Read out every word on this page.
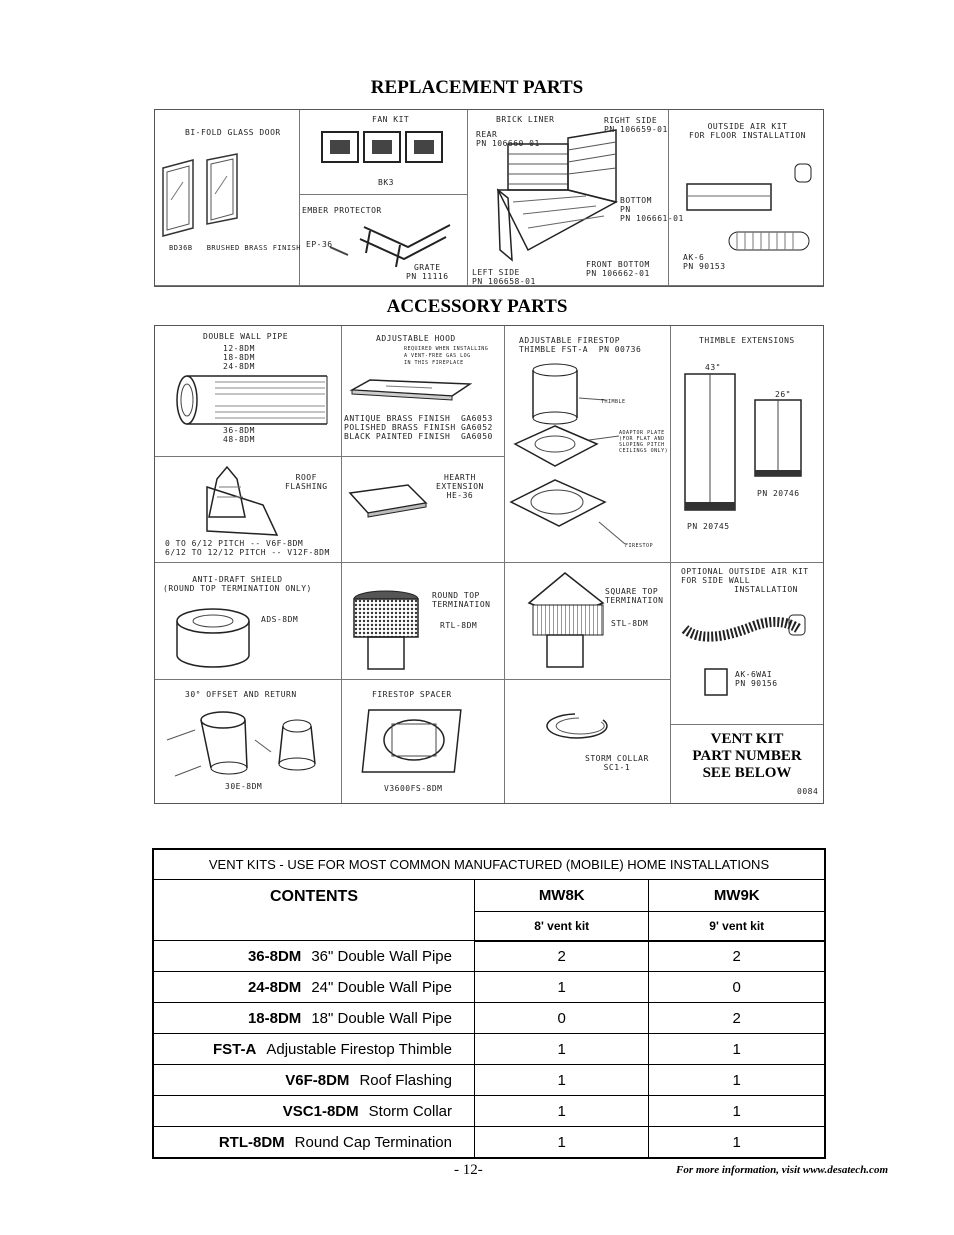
REPLACEMENT PARTS
BI-FOLD GLASS DOOR
BD36B   BRUSHED BRASS FINISH
FAN KIT
BK3
EMBER PROTECTOR
EP-36
GRATE
PN 11116
BRICK LINER	RIGHT SIDE
PN 106659-01
REAR
PN 106660-01
BOTTOM
PN
PN 106661-01
FRONT BOTTOM
PN 106662-01
LEFT SIDE
PN 106658-01
OUTSIDE AIR KIT
FOR FLOOR INSTALLATION
AK-6
PN 90153
ACCESSORY PARTS
DOUBLE WALL PIPE
12-8DM
18-8DM
24-8DM
36-8DM
48-8DM
ADJUSTABLE HOOD
REQUIRED WHEN INSTALLING
A VENT-FREE GAS LOG
IN THIS FIREPLACE
ANTIQUE BRASS FINISH  GA6053
POLISHED BRASS FINISH GA6052
BLACK PAINTED FINISH  GA6050
ADJUSTABLE FIRESTOP
THIMBLE FST-A  PN 00736
THIMBLE
ADAPTOR PLATE
(FOR FLAT AND
SLOPING PITCH
CEILINGS ONLY)
FIRESTOP
THIMBLE EXTENSIONS
43"
26"
PN 20746
PN 20745
ROOF
FLASHING
0 TO 6/12 PITCH -- V6F-8DM
6/12 TO 12/12 PITCH -- V12F-8DM
HEARTH
EXTENSION
HE-36
ANTI-DRAFT SHIELD
(ROUND TOP TERMINATION ONLY)
ADS-8DM
ROUND TOP
TERMINATION
RTL-8DM
SQUARE TOP
TERMINATION
STL-8DM
OPTIONAL OUTSIDE AIR KIT
FOR SIDE WALL
INSTALLATION
AK-6WAI
PN 90156
30° OFFSET AND RETURN
30E-8DM
FIRESTOP SPACER
V3600FS-8DM
STORM COLLAR
SC1-1
VENT KIT
PART NUMBER
SEE BELOW
0084
VENT KITS - USE FOR MOST COMMON MANUFACTURED (MOBILE) HOME INSTALLATIONS		
CONTENTS	MW8K	MW9K
	8' vent kit	9' vent kit
36-8DM 36" Double Wall Pipe	2	2
24-8DM 24" Double Wall Pipe	1	0
18-8DM 18" Double Wall Pipe	0	2
FST-A Adjustable Firestop Thimble	1	1
V6F-8DM Roof Flashing	1	1
VSC1-8DM Storm Collar	1	1
RTL-8DM Round Cap Termination	1	1
- 12-	For more information, visit www.desatech.com
